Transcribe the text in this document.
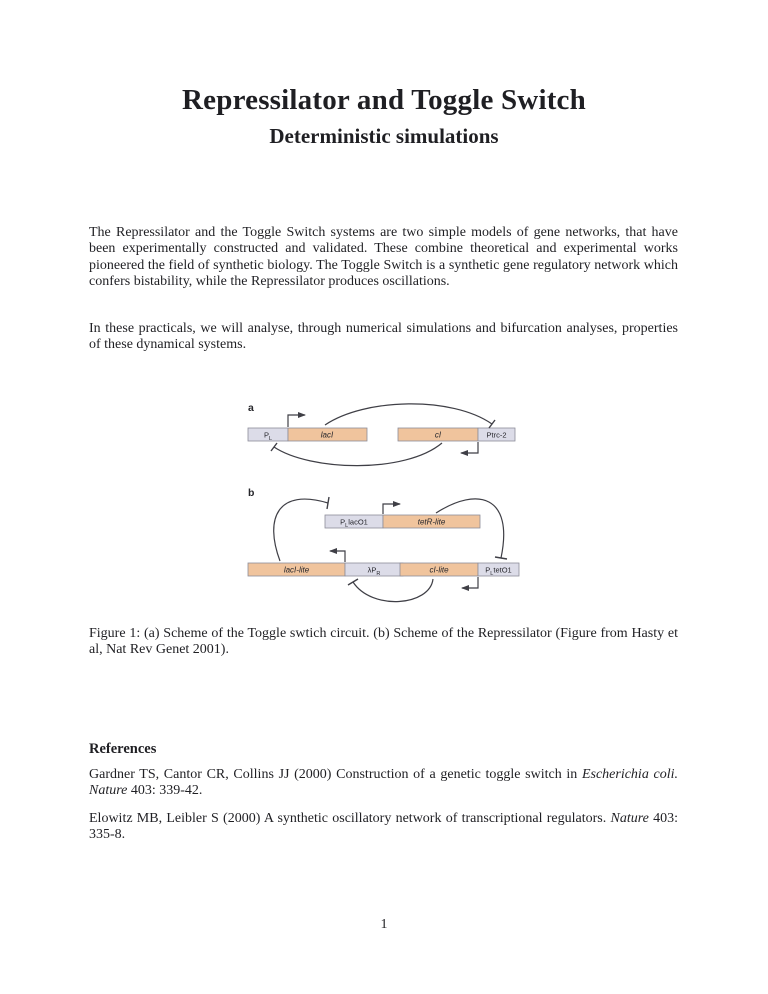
Repressilator and Toggle Switch
Deterministic simulations
The Repressilator and the Toggle Switch systems are two simple models of gene networks, that have been experimentally constructed and validated. These combine theoretical and experimental works pioneered the field of synthetic biology. The Toggle Switch is a synthetic gene regulatory network which confers bistability, while the Repressilator produces oscillations.
In these practicals, we will analyse, through numerical simulations and bifurcation analyses, properties of these dynamical systems.
a
$P_L$	lacI	cI	Ptrc-2
b
$P_LlacO1$	tetR-lite
lacI-lite	$\lambda P_R$	cI-lite	$P_LtetO1$
Figure 1: (a) Scheme of the Toggle swtich circuit. (b) Scheme of the Repressilator (Figure from Hasty et al, Nat Rev Genet 2001).
References
Gardner TS, Cantor CR, Collins JJ (2000) Construction of a genetic toggle switch in Escherichia coli. Nature 403: 339-42.
Elowitz MB, Leibler S (2000) A synthetic oscillatory network of transcriptional regulators. Nature 403: 335-8.
1
